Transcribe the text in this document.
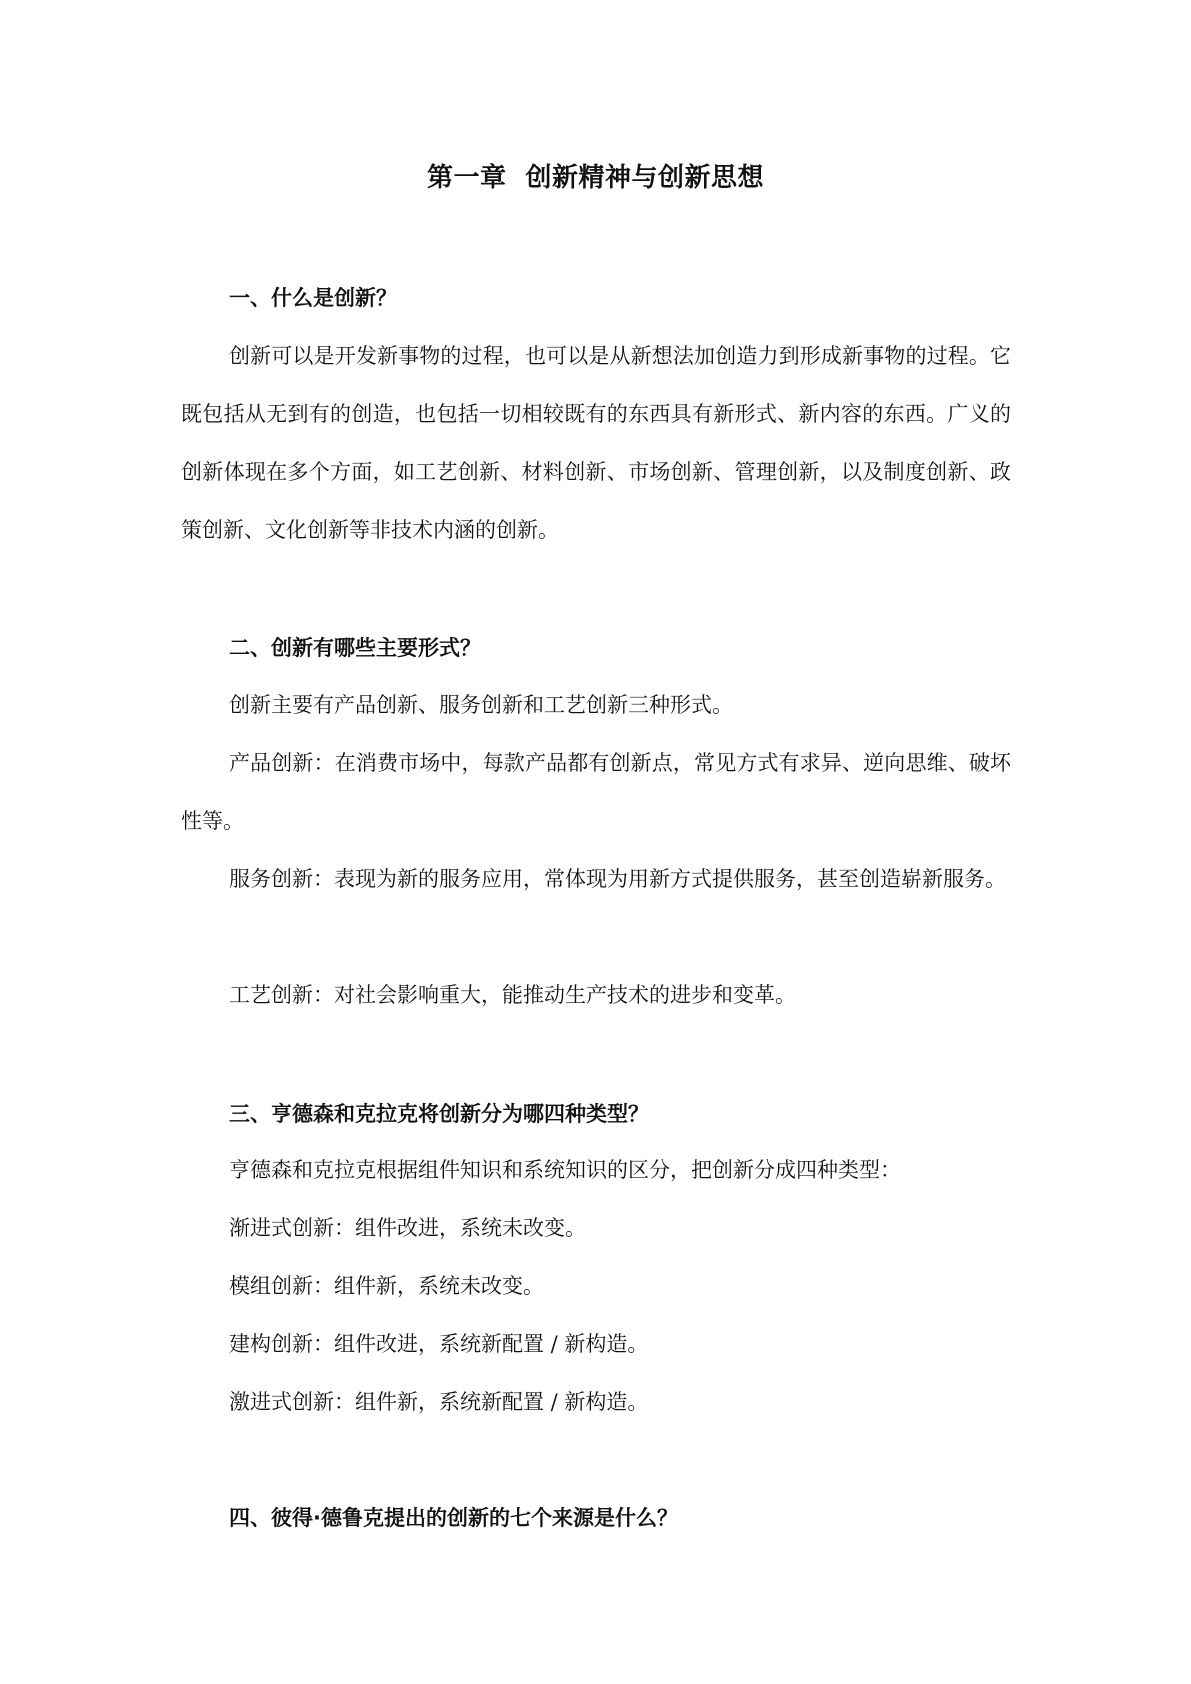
第一章  创新精神与创新思想
一、什么是创新？

创新可以是开发新事物的过程，也可以是从新想法加创造力到形成新事物的过程。它既包括从无到有的创造，也包括一切相较既有的东西具有新形式、新内容的东西。广义的创新体现在多个方面，如工艺创新、材料创新、市场创新、管理创新，以及制度创新、政策创新、文化创新等非技术内涵的创新。

二、创新有哪些主要形式？

创新主要有产品创新、服务创新和工艺创新三种形式。

产品创新：在消费市场中，每款产品都有创新点，常见方式有求异、逆向思维、破坏性等。

服务创新：表现为新的服务应用，常体现为用新方式提供服务，甚至创造崭新服务。

工艺创新：对社会影响重大，能推动生产技术的进步和变革。

三、亨德森和克拉克将创新分为哪四种类型？

亨德森和克拉克根据组件知识和系统知识的区分，把创新分成四种类型：

渐进式创新：组件改进，系统未改变。

模组创新：组件新，系统未改变。

建构创新：组件改进，系统新配置 / 新构造。

激进式创新：组件新，系统新配置 / 新构造。

四、彼得·德鲁克提出的创新的七个来源是什么？
